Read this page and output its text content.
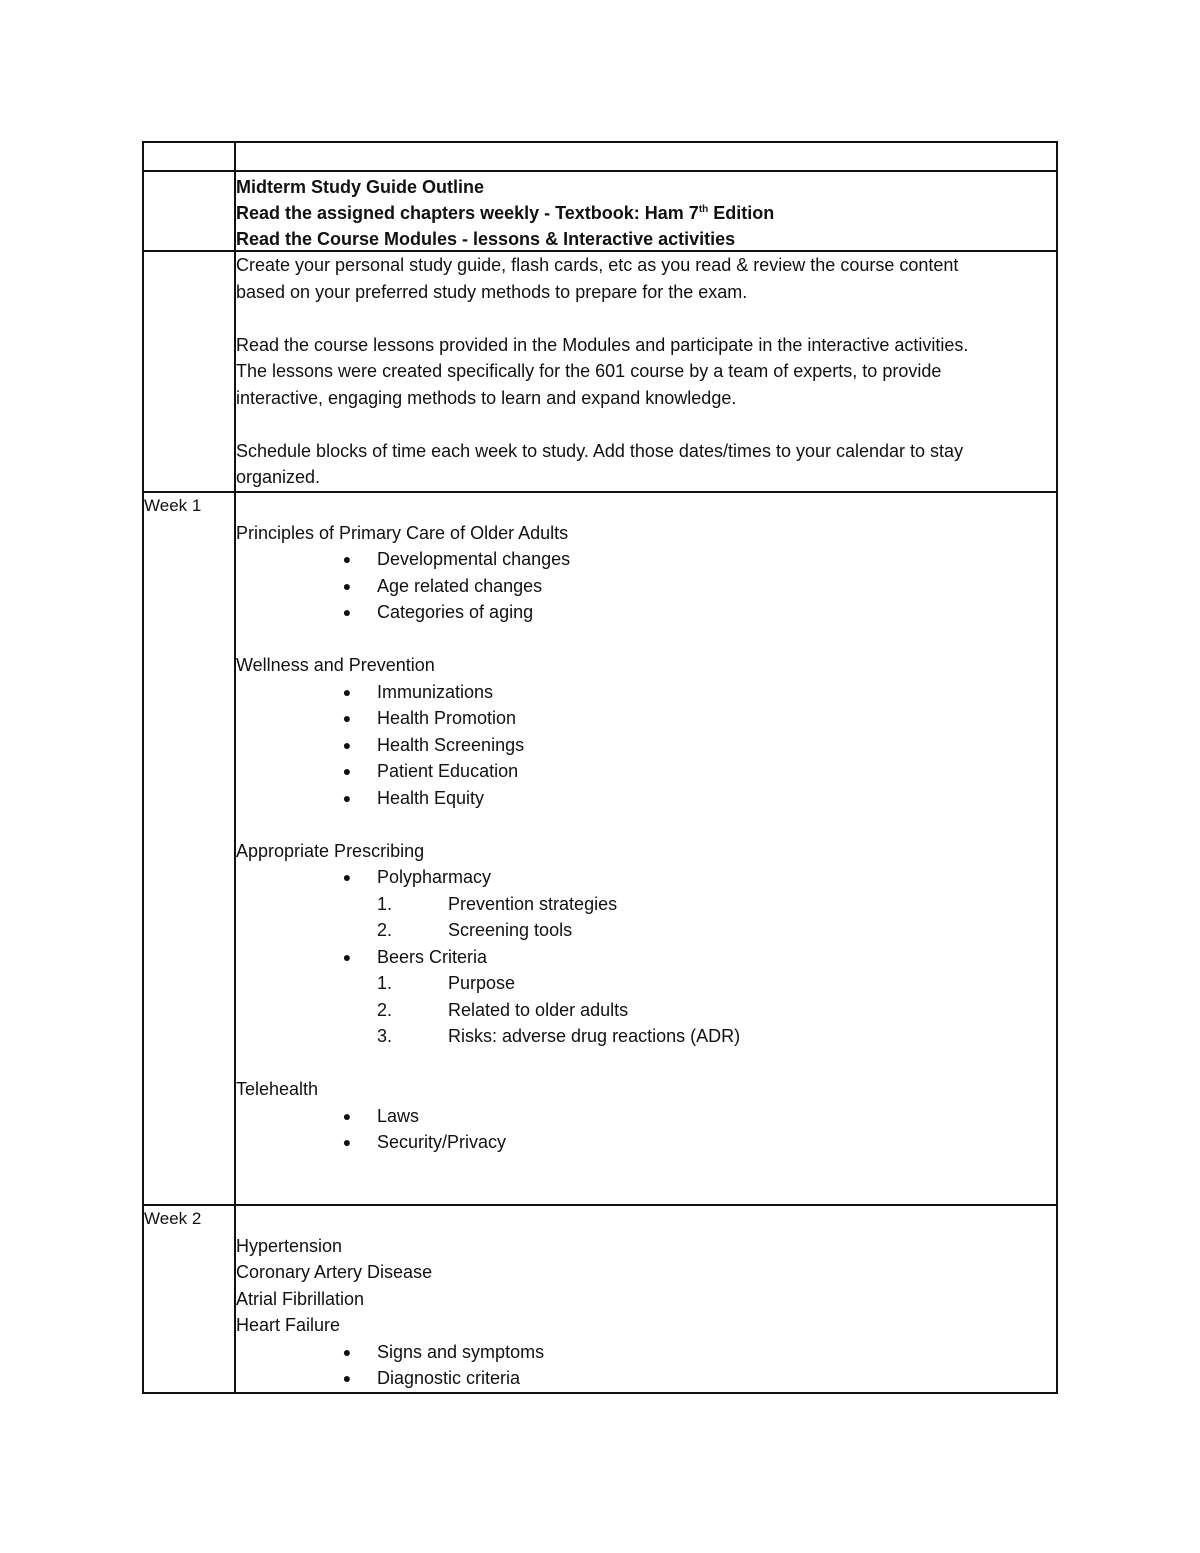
Midterm Study Guide Outline
Read the assigned chapters weekly - Textbook: Ham 7th Edition
Read the Course Modules - lessons & Interactive activities
Create your personal study guide, flash cards, etc as you read & review the course content
based on your preferred study methods to prepare for the exam.
Read the course lessons provided in the Modules and participate in the interactive activities.
The lessons were created specifically for the 601 course by a team of experts, to provide
interactive, engaging methods to learn and expand knowledge.
Schedule blocks of time each week to study. Add those dates/times to your calendar to stay
organized.
Week 1
Principles of Primary Care of Older Adults
● Developmental changes
● Age related changes
● Categories of aging
Wellness and Prevention
● Immunizations
● Health Promotion
● Health Screenings
● Patient Education
● Health Equity
Appropriate Prescribing
● Polypharmacy
1.	Prevention strategies
2.	Screening tools
● Beers Criteria
1.	Purpose
2.	Related to older adults
3.	Risks: adverse drug reactions (ADR)
Telehealth
● Laws
● Security/Privacy
Week 2
Hypertension
Coronary Artery Disease
Atrial Fibrillation
Heart Failure
● Signs and symptoms
● Diagnostic criteria
